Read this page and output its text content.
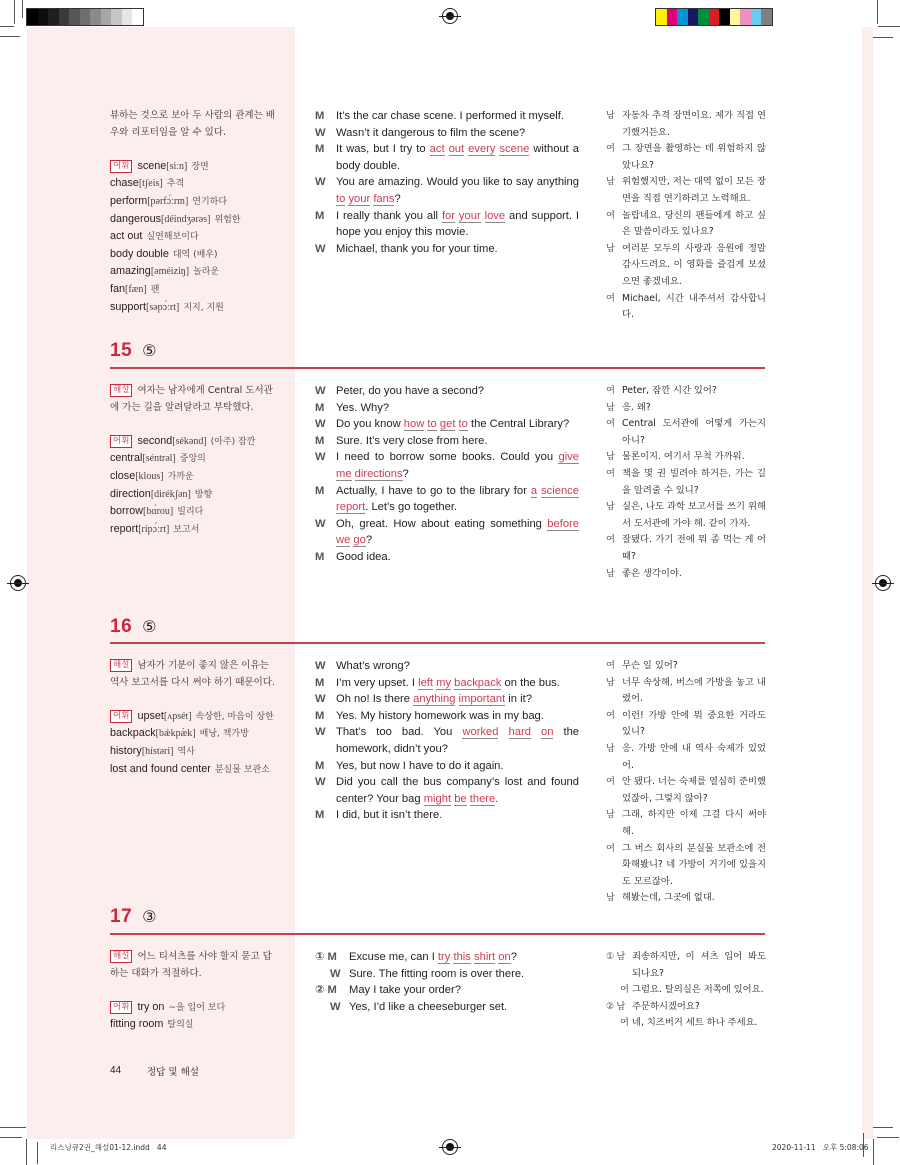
뷰하는 것으로 보아 두 사람의 관계는 배
우와 리포터임을 알 수 있다.
어휘 scene[siːn] 장면
chase[tʃeis] 추격
perform[pərfɔ́ːrm] 연기하다
dangerous[déindʒərəs] 위험한
act out 실연해보이다
body double 대역 (배우)
amazing[əméiziŋ] 놀라운
fan[fæn] 팬
support[səpɔ́ːrt] 지지, 지원
M	It’s the car chase scene. I performed it myself.
W Wasn’t it dangerous to film the scene?
M	It was, but I try to act out every scene without a body double.
W You are amazing. Would you like to say anything to your fans?
M	I really thank you all for your love and support. I hope you enjoy this movie.
W Michael, thank you for your time.
남 자동차 추격 장면이요. 제가 직접 연기했거든요.
여 그 장면을 촬영하는 데 위험하지 않았나요?
남 위험했지만, 저는 대역 없이 모든 장면을 직접 연기하려고 노력해요.
여 놀랍네요. 당신의 팬들에게 하고 싶은 말씀이라도 있나요?
남 여러분 모두의 사랑과 응원에 정말 감사드려요. 이 영화를 즐겁게 보셨으면 좋겠네요.
여 Michael, 시간 내주셔서 감사합니다.
15 ⑤
해설 여자는 남자에게 Central 도서관
에 가는 길을 알려달라고 부탁했다.
어휘 second[sékənd] (아주) 잠깐
central[séntrəl] 중앙의
close[klous] 가까운
direction[dirékʃən] 방향
borrow[bɑ́rou] 빌리다
report[ripɔ́ːrt] 보고서
W Peter, do you have a second?
M	Yes. Why?
W Do you know how to get to the Central Library?
M	Sure. It’s very close from here.
W I need to borrow some books. Could you give me directions?
M	Actually, I have to go to the library for a science report. Let’s go together.
W Oh, great. How about eating something before we go?
M	Good idea.
여 Peter, 잠깐 시간 있어?
남 응. 왜?
여 Central 도서관에 어떻게 가는지 아니?
남 물론이지. 여기서 무척 가까워.
여 책을 몇 권 빌려야 하거든. 가는 길을 알려줄 수 있니?
남 실은, 나도 과학 보고서를 쓰기 위해서 도서관에 가야 해. 같이 가자.
여 잘됐다. 가기 전에 뭐 좀 먹는 게 어때?
남 좋은 생각이야.
16 ⑤
해설 남자가 기분이 좋지 않은 이유는
역사 보고서를 다시 써야 하기 때문이다.
어휘 upset[ʌpsét] 속상한, 마음이 상한
backpack[bǽkpæ̀k] 배낭, 책가방
history[hístəri] 역사
lost and found center 분실물 보관소
W What’s wrong?
M	I’m very upset. I left my backpack on the bus.
W Oh no! Is there anything important in it?
M	Yes. My history homework was in my bag.
W That’s too bad. You worked hard on the homework, didn’t you?
M	Yes, but now I have to do it again.
W Did you call the bus company’s lost and found center? Your bag might be there.
M	I did, but it isn’t there.
여 무슨 일 있어?
남 너무 속상해. 버스에 가방을 놓고 내렸어.
여 이런! 가방 안에 뭐 중요한 거라도 있니?
남 응. 가방 안에 내 역사 숙제가 있었어.
여 안 됐다. 너는 숙제를 열심히 준비했었잖아, 그렇지 않아?
남 그래, 하지만 이제 그걸 다시 써야 해.
여 그 버스 회사의 분실물 보관소에 전화해봤니? 네 가방이 거기에 있을지도 모르잖아.
남 해봤는데, 그곳에 없대.
17 ③
해설 어느 티셔츠를 사야 할지 묻고 답
하는 대화가 적절하다.
어휘 try on ~을 입어 보다
fitting room 탈의실
① M	Excuse me, can I try this shirt on?
W Sure. The fitting room is over there.
② M	May I take your order?
W Yes, I’d like a cheeseburger set.
① 남 죄송하지만, 이 셔츠 입어 봐도 되나요?
여 그럼요. 탈의실은 저쪽에 있어요.
② 남 주문하시겠어요?
여 네, 치즈버거 세트 하나 주세요.
44	정답 및 해설
리스닝큐2권_해설01-12.indd   44	2020-11-11   오후 5:08:06
